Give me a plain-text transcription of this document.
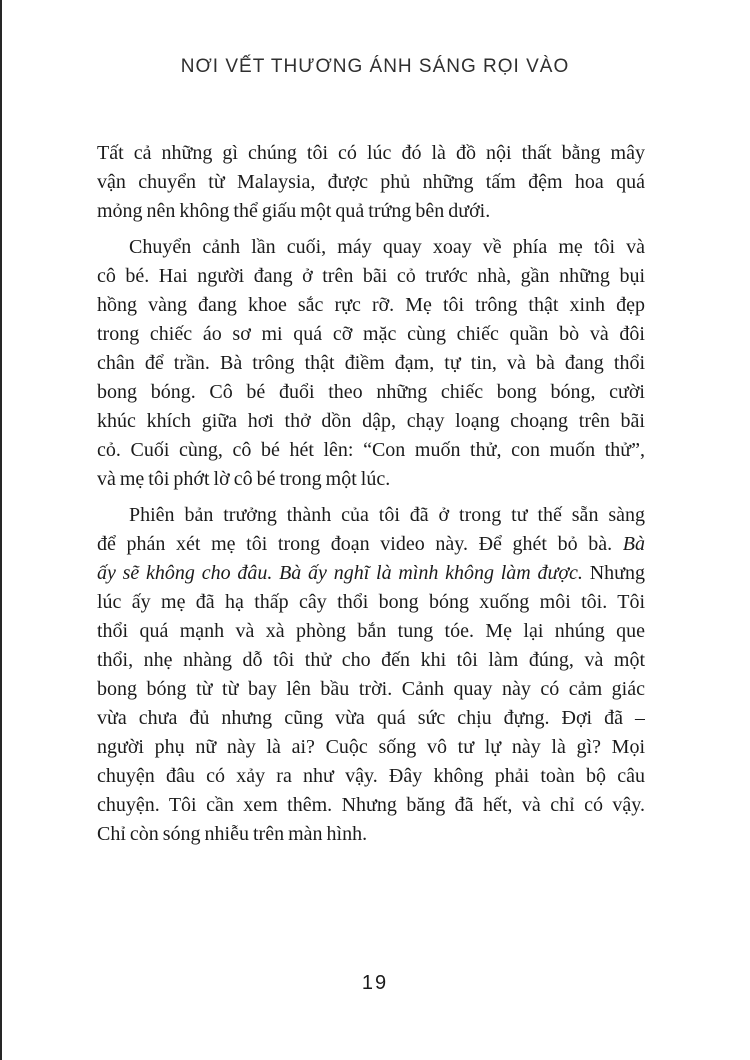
NƠI VẾT THƯƠNG ÁNH SÁNG RỌI VÀO
Tất cả những gì chúng tôi có lúc đó là đồ nội thất bằng mây
vận chuyển từ Malaysia, được phủ những tấm đệm hoa quá
mỏng nên không thể giấu một quả trứng bên dưới.
Chuyển cảnh lần cuối, máy quay xoay về phía mẹ tôi và
cô bé. Hai người đang ở trên bãi cỏ trước nhà, gần những bụi
hồng vàng đang khoe sắc rực rỡ. Mẹ tôi trông thật xinh đẹp
trong chiếc áo sơ mi quá cỡ mặc cùng chiếc quần bò và đôi
chân để trần. Bà trông thật điềm đạm, tự tin, và bà đang thổi
bong bóng. Cô bé đuổi theo những chiếc bong bóng, cười
khúc khích giữa hơi thở dồn dập, chạy loạng choạng trên bãi
cỏ. Cuối cùng, cô bé hét lên: “Con muốn thử, con muốn thử”,
và mẹ tôi phớt lờ cô bé trong một lúc.
Phiên bản trưởng thành của tôi đã ở trong tư thế sẵn sàng
để phán xét mẹ tôi trong đoạn video này. Để ghét bỏ bà. Bà
ấy sẽ không cho đâu. Bà ấy nghĩ là mình không làm được. Nhưng
lúc ấy mẹ đã hạ thấp cây thổi bong bóng xuống môi tôi. Tôi
thổi quá mạnh và xà phòng bắn tung tóe. Mẹ lại nhúng que
thổi, nhẹ nhàng dỗ tôi thử cho đến khi tôi làm đúng, và một
bong bóng từ từ bay lên bầu trời. Cảnh quay này có cảm giác
vừa chưa đủ nhưng cũng vừa quá sức chịu đựng. Đợi đã –
người phụ nữ này là ai? Cuộc sống vô tư lự này là gì? Mọi
chuyện đâu có xảy ra như vậy. Đây không phải toàn bộ câu
chuyện. Tôi cần xem thêm. Nhưng băng đã hết, và chỉ có vậy.
Chỉ còn sóng nhiễu trên màn hình.
19
